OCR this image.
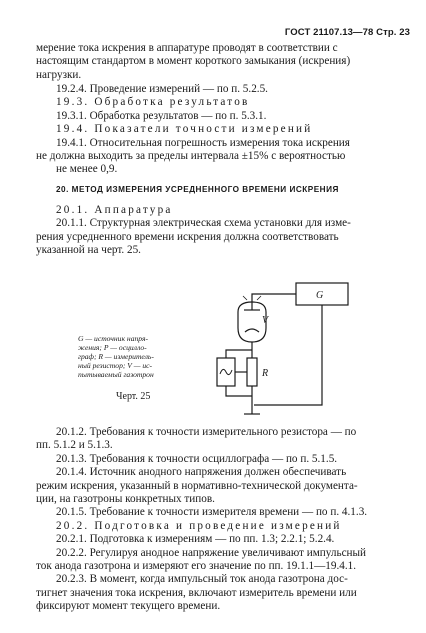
ГОСТ 21107.13—78 Стр. 23
мерение тока искрения в аппаратуре проводят в соответствии с
настоящим стандартом в момент короткого замыкания (искрения)
нагрузки.
19.2.4. Проведение измерений — по п. 5.2.5.
19.3. Обработка результатов
19.3.1. Обработка результатов — по п. 5.3.1.
19.4. Показатели точности измерений
19.4.1. Относительная погрешность измерения тока искрения
не должна выходить за пределы интервала ±15% с вероятностью
не менее 0,9.
20. МЕТОД ИЗМЕРЕНИЯ УСРЕДНЕННОГО ВРЕМЕНИ ИСКРЕНИЯ
20.1. Аппаратура
20.1.1. Структурная электрическая схема установки для изме-
рения усредненного времени искрения должна соответствовать
указанной на черт. 25.
G
V
R
G — источник напря-
жения; P — осцилло-
граф; R — измеритель-
ный резистор; V — ис-
пытываемый газотрон
Черт. 25
20.1.2. Требования к точности измерительного резистора — по
пп. 5.1.2 и 5.1.3.
20.1.3. Требования к точности осциллографа — по п. 5.1.5.
20.1.4. Источник анодного напряжения должен обеспечивать
режим искрения, указанный в нормативно-технической документа-
ции, на газотроны конкретных типов.
20.1.5. Требование к точности измерителя времени — по п. 4.1.3.
20.2. Подготовка и проведение измерений
20.2.1. Подготовка к измерениям — по пп. 1.3; 2.2.1; 5.2.4.
20.2.2. Регулируя анодное напряжение увеличивают импульсный
ток анода газотрона и измеряют его значение по пп. 19.1.1—19.4.1.
20.2.3. В момент, когда импульсный ток анода газотрона дос-
тигнет значения тока искрения, включают измеритель времени или
фиксируют момент текущего времени.
